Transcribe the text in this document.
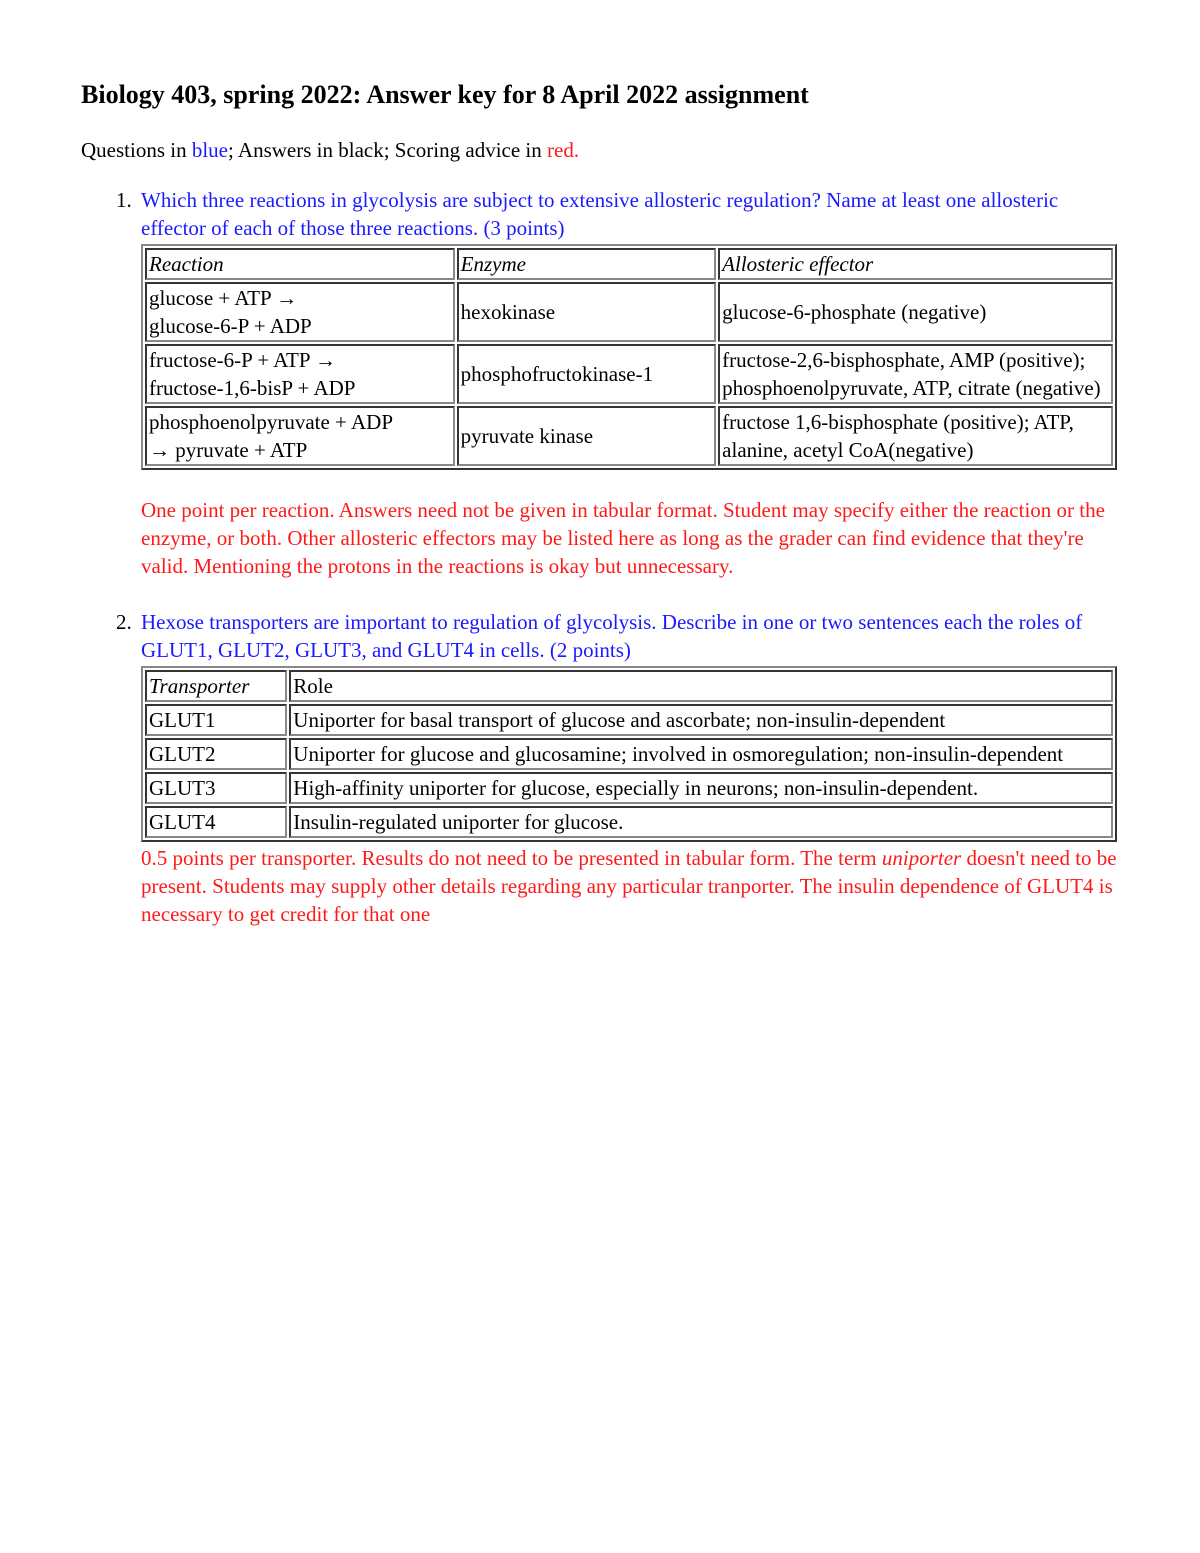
Biology 403, spring 2022: Answer key for 8 April 2022 assignment
Questions in blue; Answers in black; Scoring advice in red.
1. Which three reactions in glycolysis are subject to extensive allosteric regulation? Name at least one allosteric effector of each of those three reactions. (3 points)
Reaction	Enzyme	Allosteric effector
glucose + ATP →
glucose-6-P + ADP	hexokinase	glucose-6-phosphate (negative)
fructose-6-P + ATP →
fructose-1,6-bisP + ADP	phosphofructokinase-1	fructose-2,6-bisphosphate, AMP (positive); phosphoenolpyruvate, ATP, citrate (negative)
phosphoenolpyruvate + ADP
→ pyruvate + ATP	pyruvate kinase	fructose 1,6-bisphosphate (positive); ATP, alanine, acetyl CoA(negative)
One point per reaction. Answers need not be given in tabular format. Student may specify either the reaction or the enzyme, or both. Other allosteric effectors may be listed here as long as the grader can find evidence that they're valid. Mentioning the protons in the reactions is okay but unnecessary.
2. Hexose transporters are important to regulation of glycolysis. Describe in one or two sentences each the roles of GLUT1, GLUT2, GLUT3, and GLUT4 in cells. (2 points)
Transporter	Role
GLUT1	Uniporter for basal transport of glucose and ascorbate; non-insulin-dependent
GLUT2	Uniporter for glucose and glucosamine; involved in osmoregulation; non-insulin-dependent
GLUT3	High-affinity uniporter for glucose, especially in neurons; non-insulin-dependent.
GLUT4	Insulin-regulated uniporter for glucose.
0.5 points per transporter. Results do not need to be presented in tabular form. The term uniporter doesn't need to be present. Students may supply other details regarding any particular tranporter. The insulin dependence of GLUT4 is necessary to get credit for that one
